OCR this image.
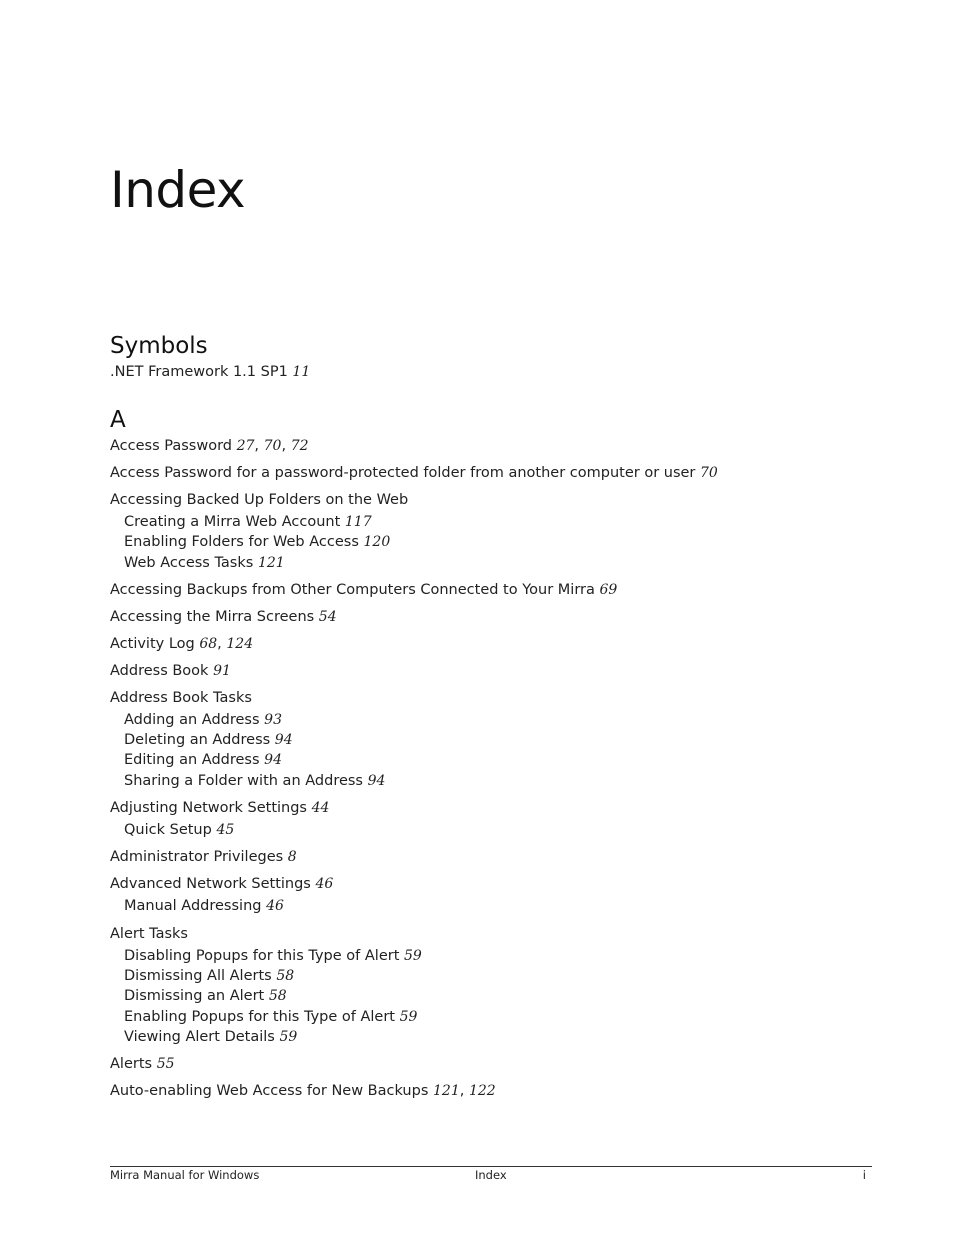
Index
Symbols
.NET Framework 1.1 SP1 11
A
Access Password 27, 70, 72
Access Password for a password-protected folder from another computer or user 70
Accessing Backed Up Folders on the Web
Creating a Mirra Web Account 117
Enabling Folders for Web Access 120
Web Access Tasks 121
Accessing Backups from Other Computers Connected to Your Mirra 69
Accessing the Mirra Screens 54
Activity Log 68, 124
Address Book 91
Address Book Tasks
Adding an Address 93
Deleting an Address 94
Editing an Address 94
Sharing a Folder with an Address 94
Adjusting Network Settings 44
Quick Setup 45
Administrator Privileges 8
Advanced Network Settings 46
Manual Addressing 46
Alert Tasks
Disabling Popups for this Type of Alert 59
Dismissing All Alerts 58
Dismissing an Alert 58
Enabling Popups for this Type of Alert 59
Viewing Alert Details 59
Alerts 55
Auto-enabling Web Access for New Backups 121, 122
Mirra Manual for Windows	Index	i
